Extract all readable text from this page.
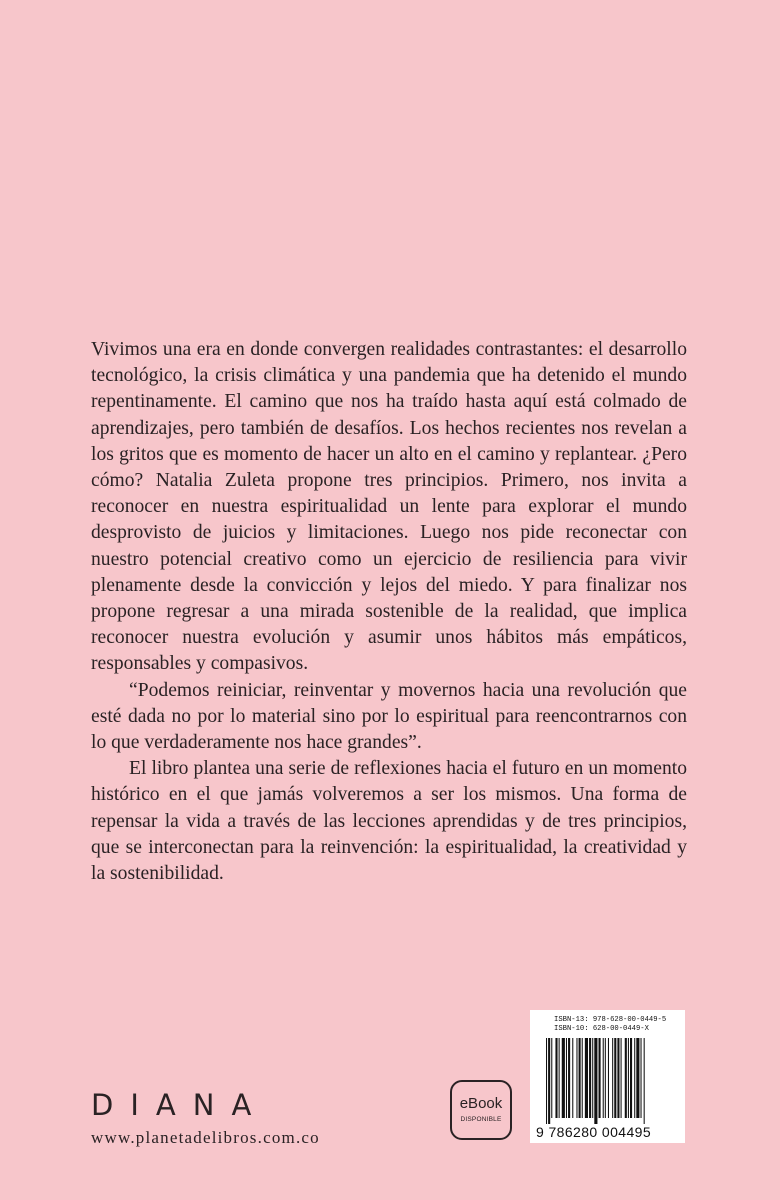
Vivimos una era en donde convergen realidades contrastantes: el desarrollo tecnológico, la crisis climática y una pandemia que ha detenido el mundo repentinamente. El camino que nos ha traído hasta aquí está colmado de aprendizajes, pero también de desafíos. Los hechos recientes nos revelan a los gritos que es momento de hacer un alto en el camino y replantear. ¿Pero cómo? Natalia Zuleta propone tres principios. Primero, nos invita a reconocer en nuestra espiritualidad un lente para explorar el mundo desprovisto de juicios y limitaciones. Luego nos pide reconectar con nuestro potencial creativo como un ejercicio de resiliencia para vivir plenamente desde la convicción y lejos del miedo. Y para finalizar nos propone regresar a una mirada sostenible de la realidad, que implica reconocer nuestra evolución y asumir unos hábitos más empáticos, responsables y compasivos.

“Podemos reiniciar, reinventar y movernos hacia una revolución que esté dada no por lo material sino por lo espiritual para reencontrarnos con lo que verdaderamente nos hace grandes”.

El libro plantea una serie de reflexiones hacia el futuro en un momento histórico en el que jamás volveremos a ser los mismos. Una forma de repensar la vida a través de las lecciones aprendidas y de tres principios, que se interconectan para la reinvención: la espiritualidad, la creatividad y la sostenibilidad.

D I A N A
www.planetadelibros.com.co
eBook
DISPONIBLE
ISBN-13: 978-628-00-0449-5
ISBN-10: 628-00-0449-X
9 786280 004495
